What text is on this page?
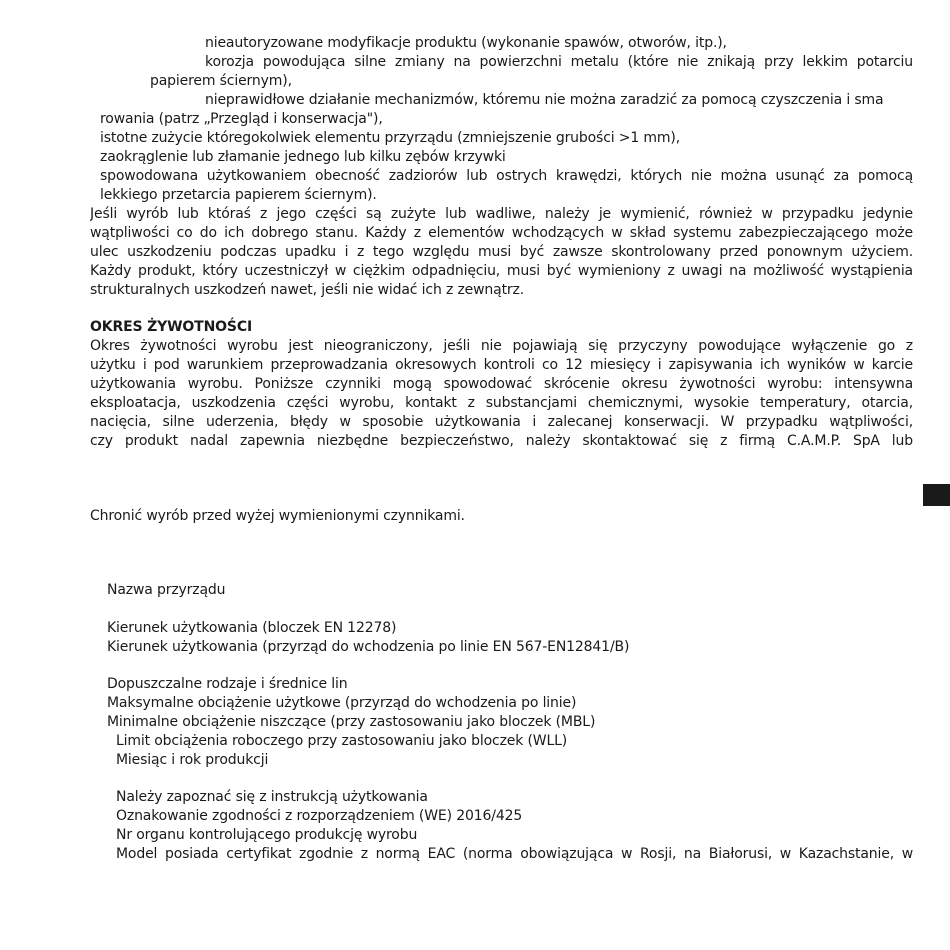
nieautoryzowane modyfikacje produktu (wykonanie spawów, otworów, itp.),
korozja powodująca silne zmiany na powierzchni metalu (które nie znikają przy lekkim potarciu
papierem ściernym),
nieprawidłowe działanie mechanizmów, któremu nie można zaradzić za pomocą czyszczenia i sma
rowania (patrz „Przegląd i konserwacja"),
istotne zużycie któregokolwiek elementu przyrządu (zmniejszenie grubości >1 mm),
zaokrąglenie lub złamanie jednego lub kilku zębów krzywki
spowodowana użytkowaniem obecność zadziorów lub ostrych krawędzi, których nie można usunąć za pomocą
lekkiego przetarcia papierem ściernym).
Jeśli wyrób lub któraś z jego części są zużyte lub wadliwe, należy je wymienić, również w przypadku jedynie
wątpliwości co do ich dobrego stanu. Każdy z elementów wchodzących w skład systemu zabezpieczającego może
ulec uszkodzeniu podczas upadku i z tego względu musi być zawsze skontrolowany przed ponownym użyciem.
Każdy produkt, który uczestniczył w ciężkim odpadnięciu, musi być wymieniony z uwagi na możliwość wystąpienia
strukturalnych uszkodzeń nawet, jeśli nie widać ich z zewnątrz.
OKRES ŻYWOTNOŚCI
Okres żywotności wyrobu jest nieograniczony, jeśli nie pojawiają się przyczyny powodujące wyłączenie go z
użytku i pod warunkiem przeprowadzania okresowych kontroli co 12 miesięcy i zapisywania ich wyników w karcie
użytkowania wyrobu. Poniższe czynniki mogą spowodować skrócenie okresu żywotności wyrobu: intensywna
eksploatacja, uszkodzenia części wyrobu, kontakt z substancjami chemicznymi, wysokie temperatury, otarcia,
nacięcia, silne uderzenia, błędy w sposobie użytkowania i zalecanej konserwacji. W przypadku wątpliwości,
czy produkt nadal zapewnia niezbędne bezpieczeństwo, należy skontaktować się z firmą C.A.M.P. SpA lub
Chronić wyrób przed wyżej wymienionymi czynnikami.
Nazwa przyrządu
Kierunek użytkowania (bloczek EN 12278)
Kierunek użytkowania (przyrząd do wchodzenia po linie EN 567-EN12841/B)
Dopuszczalne rodzaje i średnice lin
Maksymalne obciążenie użytkowe (przyrząd do wchodzenia po linie)
Minimalne obciążenie niszczące (przy zastosowaniu jako bloczek (MBL)
Limit obciążenia roboczego przy zastosowaniu jako bloczek (WLL)
Miesiąc i rok produkcji
Należy zapoznać się z instrukcją użytkowania
Oznakowanie zgodności z rozporządzeniem (WE) 2016/425
Nr organu kontrolującego produkcję wyrobu
Model posiada certyfikat zgodnie z normą EAC (norma obowiązująca w Rosji, na Białorusi, w Kazachstanie, w
